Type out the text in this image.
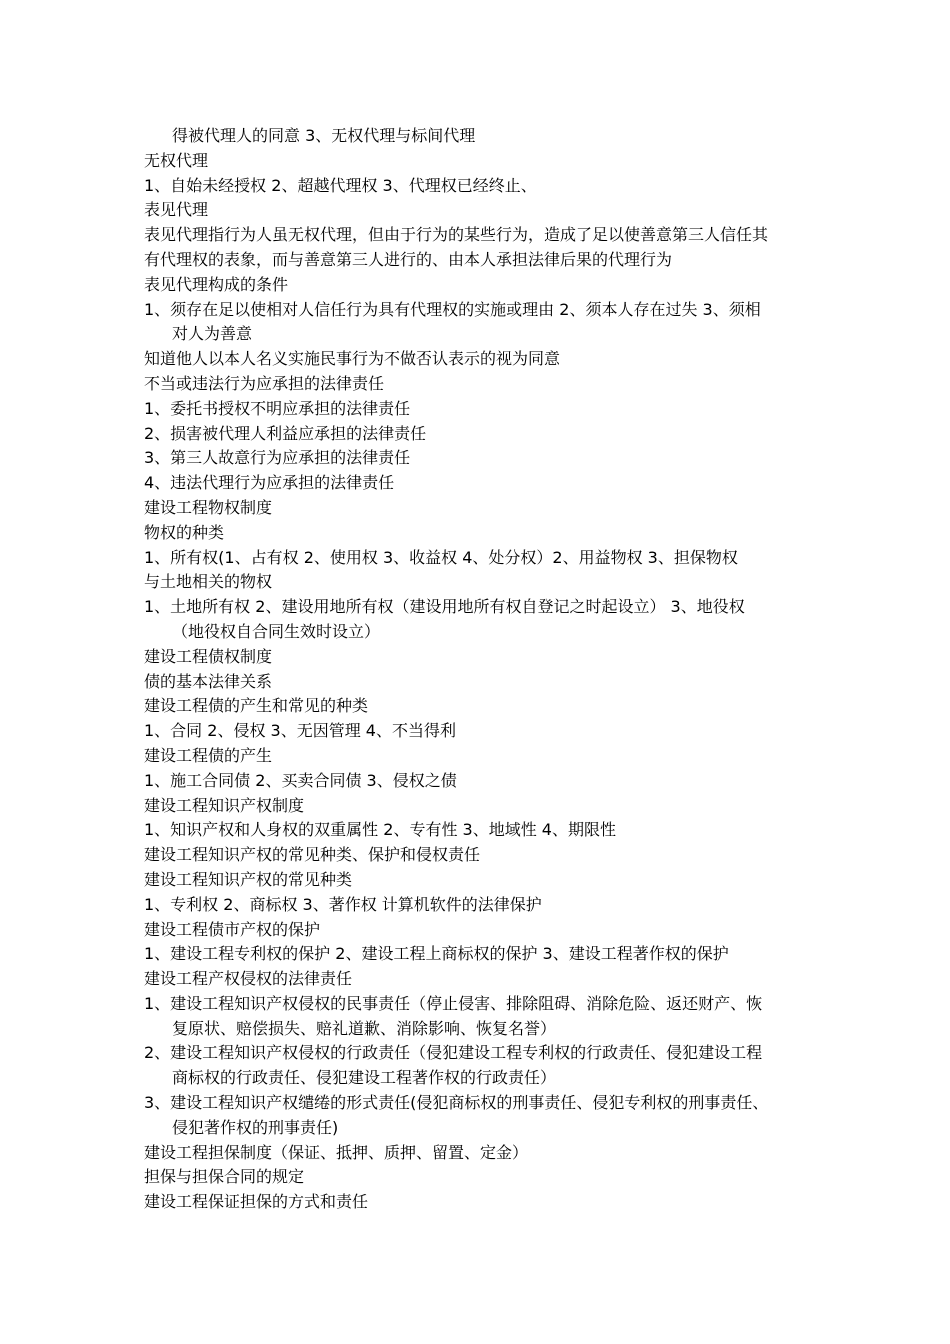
得被代理人的同意 3、无权代理与标间代理
无权代理
1、自始未经授权 2、超越代理权 3、代理权已经终止、
表见代理
表见代理指行为人虽无权代理，但由于行为的某些行为，造成了足以使善意第三人信任其
有代理权的表象，而与善意第三人进行的、由本人承担法律后果的代理行为
表见代理构成的条件
1、须存在足以使相对人信任行为具有代理权的实施或理由 2、须本人存在过失 3、须相
对人为善意
知道他人以本人名义实施民事行为不做否认表示的视为同意
不当或违法行为应承担的法律责任
1、委托书授权不明应承担的法律责任
2、损害被代理人利益应承担的法律责任
3、第三人故意行为应承担的法律责任
4、违法代理行为应承担的法律责任
建设工程物权制度
物权的种类
1、所有权(1、占有权 2、使用权 3、收益权 4、处分权）2、用益物权 3、担保物权
与土地相关的物权
1、土地所有权 2、建设用地所有权（建设用地所有权自登记之时起设立） 3、地役权
（地役权自合同生效时设立）
建设工程债权制度
债的基本法律关系
建设工程债的产生和常见的种类
1、合同 2、侵权 3、无因管理 4、不当得利
建设工程债的产生
1、施工合同债 2、买卖合同债 3、侵权之债
建设工程知识产权制度
1、知识产权和人身权的双重属性 2、专有性 3、地域性 4、期限性
建设工程知识产权的常见种类、保护和侵权责任
建设工程知识产权的常见种类
1、专利权 2、商标权 3、著作权 计算机软件的法律保护
建设工程债市产权的保护
1、建设工程专利权的保护 2、建设工程上商标权的保护 3、建设工程著作权的保护
建设工程产权侵权的法律责任
1、建设工程知识产权侵权的民事责任（停止侵害、排除阻碍、消除危险、返还财产、恢
复原状、赔偿损失、赔礼道歉、消除影响、恢复名誉）
2、建设工程知识产权侵权的行政责任（侵犯建设工程专利权的行政责任、侵犯建设工程
商标权的行政责任、侵犯建设工程著作权的行政责任）
3、建设工程知识产权缱绻的形式责任(侵犯商标权的刑事责任、侵犯专利权的刑事责任、
侵犯著作权的刑事责任)
建设工程担保制度（保证、抵押、质押、留置、定金）
担保与担保合同的规定
建设工程保证担保的方式和责任
